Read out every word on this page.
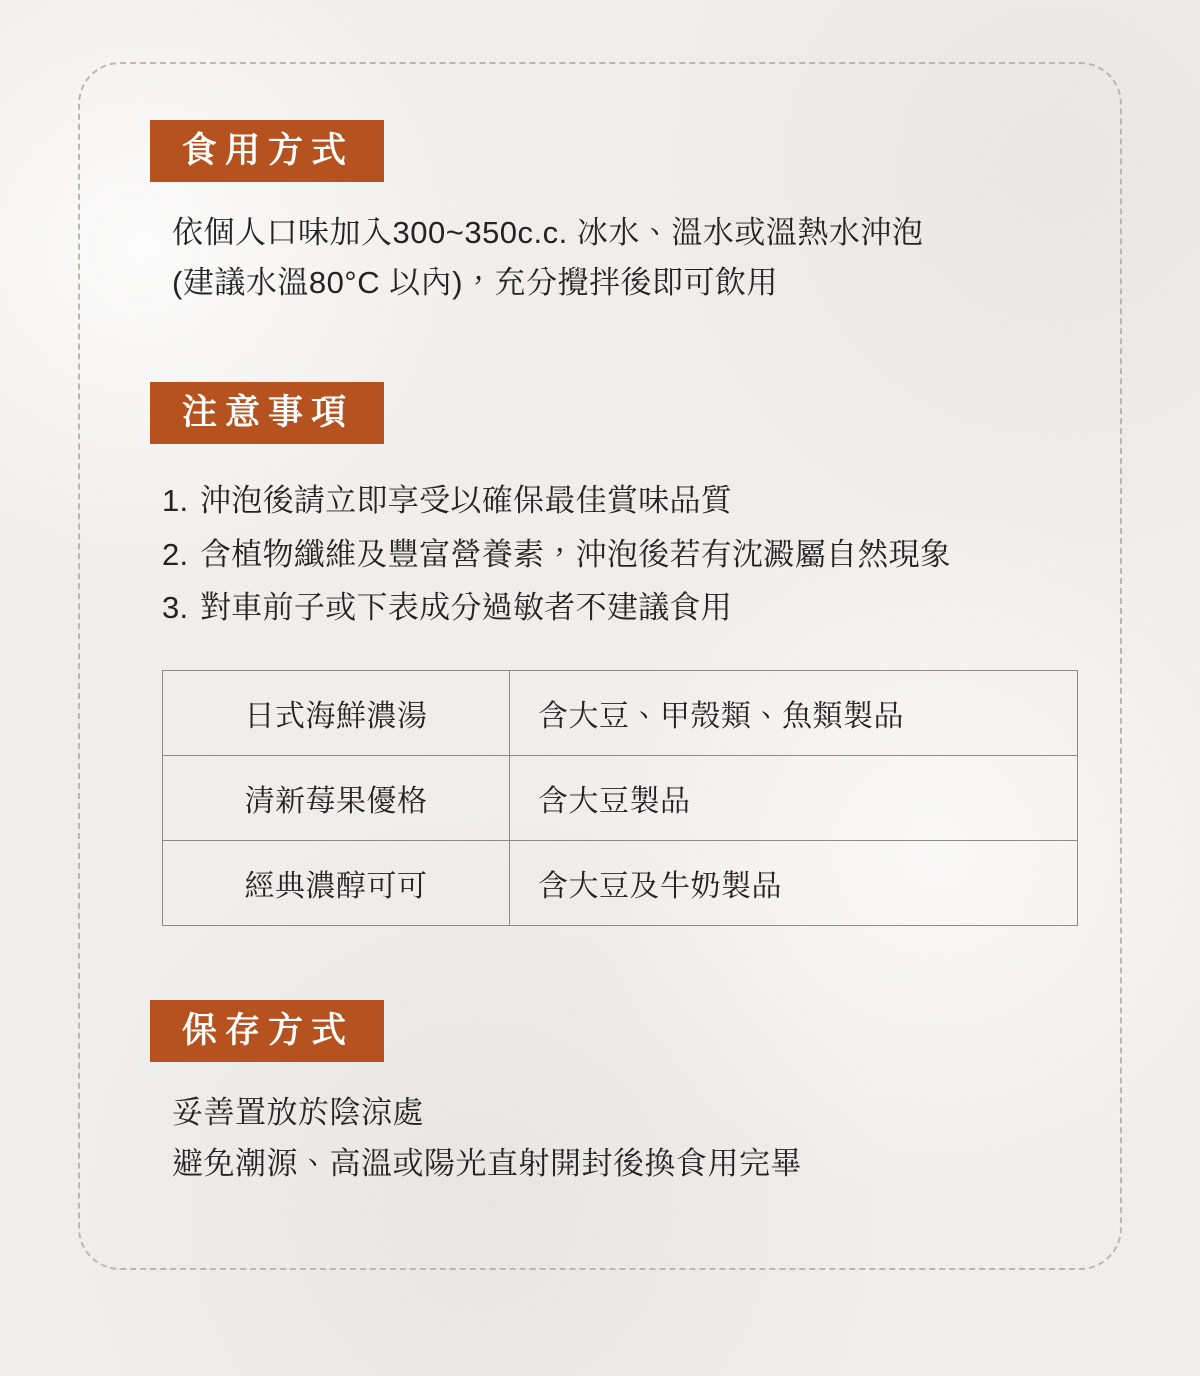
食用方式
依個人口味加入300~350c.c. 冰水、溫水或溫熱水沖泡
(建議水溫80°C 以內)，充分攪拌後即可飲用
注意事項
1. 沖泡後請立即享受以確保最佳賞味品質
2. 含植物纖維及豐富營養素，沖泡後若有沈澱屬自然現象
3. 對車前子或下表成分過敏者不建議食用
日式海鮮濃湯	含大豆、甲殼類、魚類製品
清新莓果優格	含大豆製品
經典濃醇可可	含大豆及牛奶製品
保存方式
妥善置放於陰涼處
避免潮源、高溫或陽光直射開封後換食用完畢
